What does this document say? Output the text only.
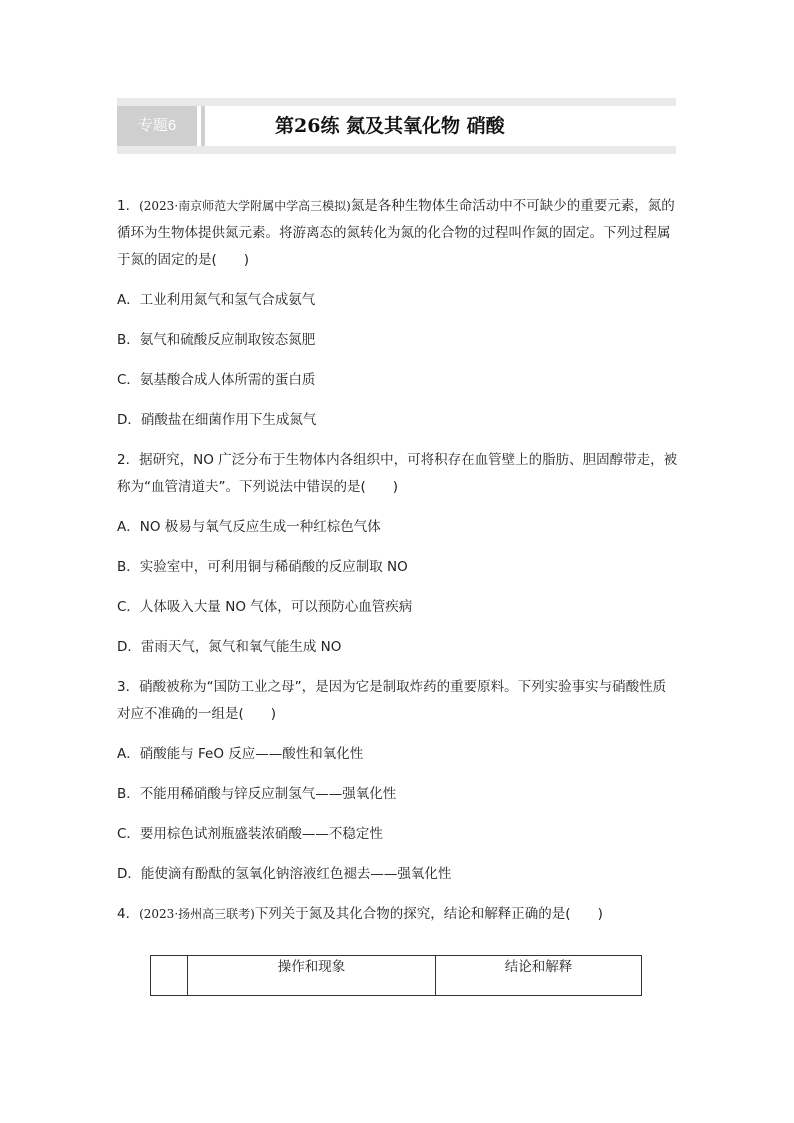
专题6	第26练 氮及其氧化物 硝酸
1．(2023·南京师范大学附属中学高三模拟)氮是各种生物体生命活动中不可缺少的重要元素，氮的循环为生物体提供氮元素。将游离态的氮转化为氮的化合物的过程叫作氮的固定。下列过程属于氮的固定的是(　　)
A．工业利用氮气和氢气合成氨气
B．氨气和硫酸反应制取铵态氮肥
C．氨基酸合成人体所需的蛋白质
D．硝酸盐在细菌作用下生成氮气
2．据研究，NO 广泛分布于生物体内各组织中，可将积存在血管壁上的脂肪、胆固醇带走，被称为“血管清道夫”。下列说法中错误的是(　　)
A．NO 极易与氧气反应生成一种红棕色气体
B．实验室中，可利用铜与稀硝酸的反应制取 NO
C．人体吸入大量 NO 气体，可以预防心血管疾病
D．雷雨天气，氮气和氧气能生成 NO
3．硝酸被称为“国防工业之母”，是因为它是制取炸药的重要原料。下列实验事实与硝酸性质对应不准确的一组是(　　)
A．硝酸能与 FeO 反应——酸性和氧化性
B．不能用稀硝酸与锌反应制氢气——强氧化性
C．要用棕色试剂瓶盛装浓硝酸——不稳定性
D．能使滴有酚酞的氢氧化钠溶液红色褪去——强氧化性
4．(2023·扬州高三联考)下列关于氮及其化合物的探究，结论和解释正确的是(　　)
操作和现象	结论和解释
